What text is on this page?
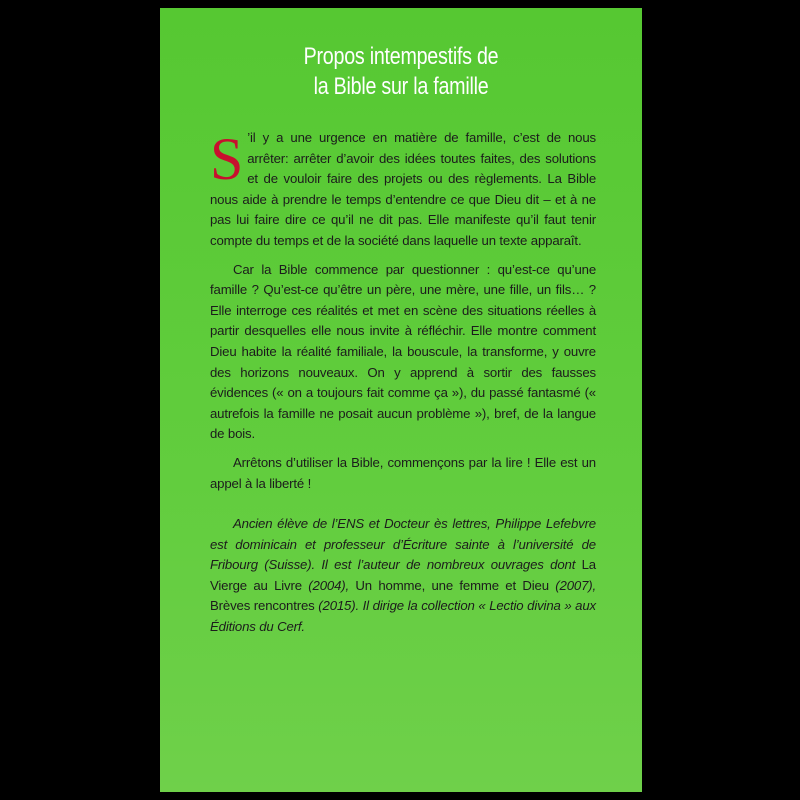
Propos intempestifs de
la Bible sur la famille

S ’il y a une urgence en matière de famille, c’est de nous arrêter: arrêter d’avoir des idées toutes faites, des solutions et de vouloir faire des projets ou des règlements. La Bible nous aide à prendre le temps d’entendre ce que Dieu dit – et à ne pas lui faire dire ce qu’il ne dit pas. Elle manifeste qu’il faut tenir compte du temps et de la société dans laquelle un texte apparaît.

Car la Bible commence par questionner : qu’est-ce qu’une famille ? Qu’est-ce qu’être un père, une mère, une fille, un fils… ? Elle interroge ces réalités et met en scène des situations réelles à partir desquelles elle nous invite à réfléchir. Elle montre comment Dieu habite la réalité familiale, la bouscule, la transforme, y ouvre des horizons nouveaux. On y apprend à sortir des fausses évidences (« on a toujours fait comme ça »), du passé fantasmé (« autrefois la famille ne posait aucun problème »), bref, de la langue de bois.

Arrêtons d’utiliser la Bible, commençons par la lire ! Elle est un appel à la liberté !

Ancien élève de l’ENS et Docteur ès lettres, Philippe Lefebvre est dominicain et professeur d’Écriture sainte à l’université de Fribourg (Suisse). Il est l’auteur de nombreux ouvrages dont La Vierge au Livre (2004), Un homme, une femme et Dieu (2007), Brèves rencontres (2015). Il dirige la collection « Lectio divina » aux Éditions du Cerf.
